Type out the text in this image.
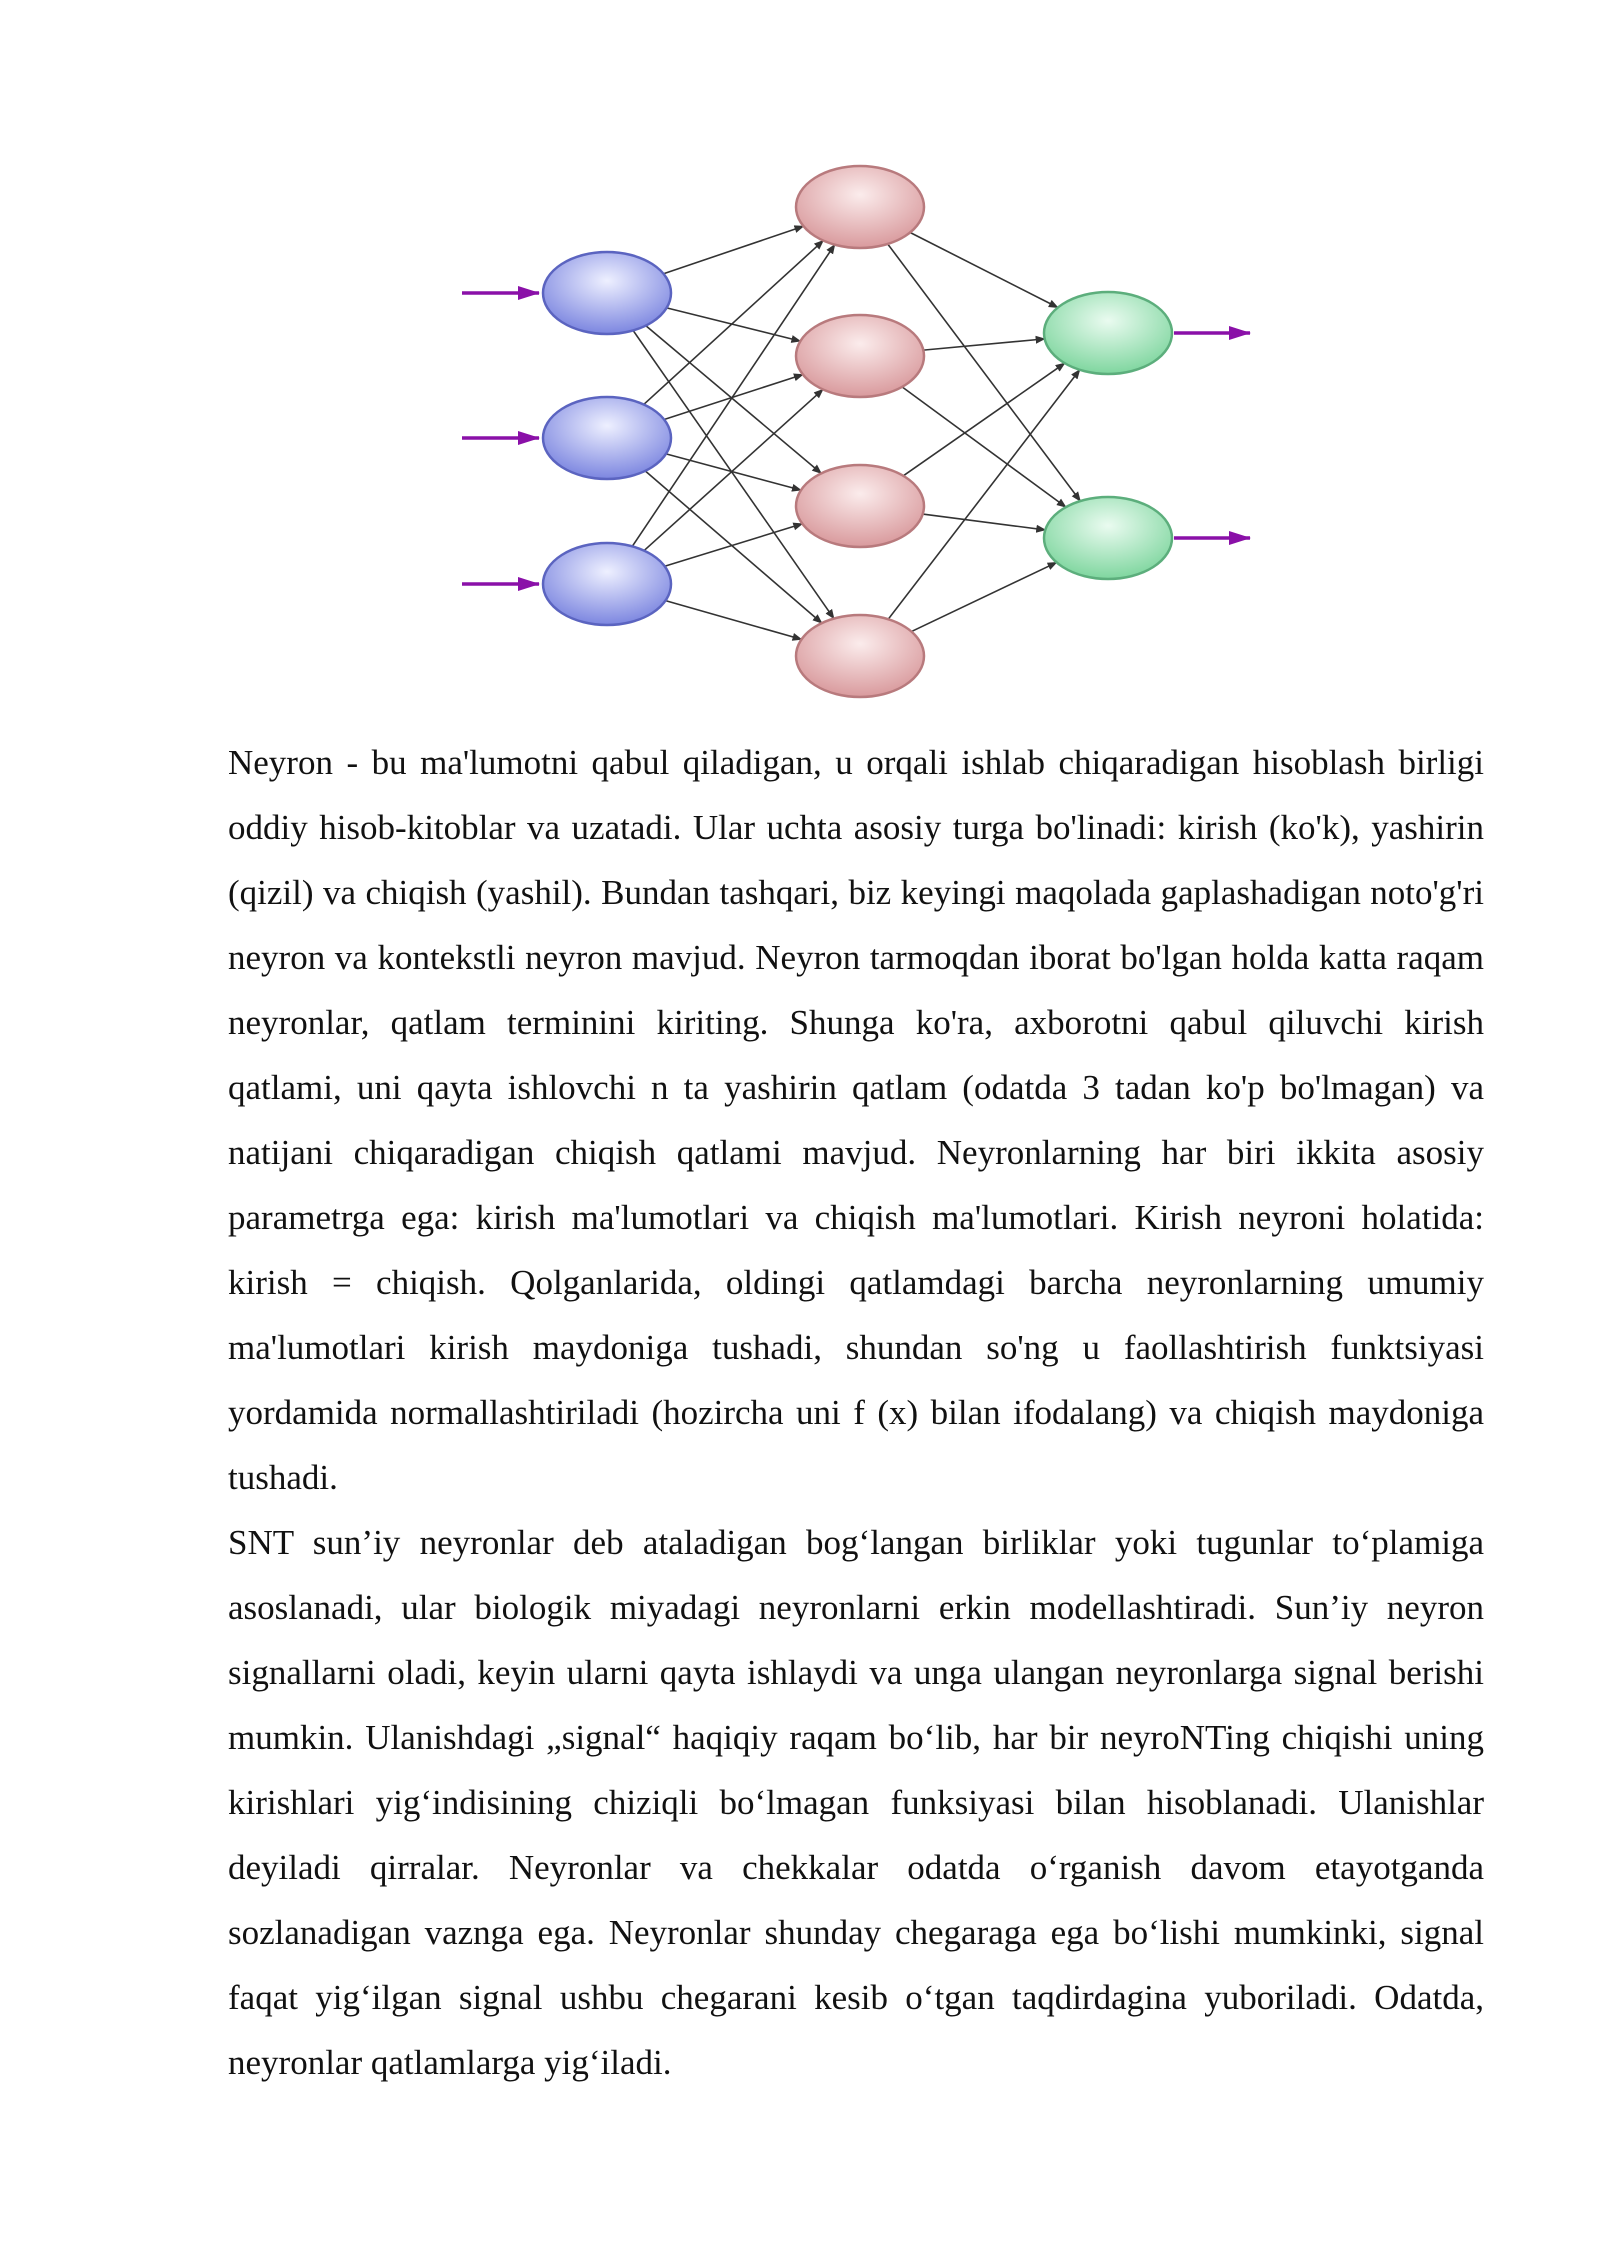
Neyron - bu ma'lumotni qabul qiladigan, u orqali ishlab chiqaradigan hisoblash birligi oddiy hisob-kitoblar va uzatadi. Ular uchta asosiy turga bo'linadi: kirish (ko'k), yashirin (qizil) va chiqish (yashil). Bundan tashqari, biz keyingi maqolada gaplashadigan noto'g'ri neyron va kontekstli neyron mavjud. Neyron tarmoqdan iborat bo'lgan holda katta raqam neyronlar, qatlam terminini kiriting. Shunga ko'ra, axborotni qabul qiluvchi kirish qatlami, uni qayta ishlovchi n ta yashirin qatlam (odatda 3 tadan ko'p bo'lmagan) va natijani chiqaradigan chiqish qatlami mavjud. Neyronlarning har biri ikkita asosiy parametrga ega: kirish ma'lumotlari va chiqish ma'lumotlari. Kirish neyroni holatida: kirish = chiqish. Qolganlarida, oldingi qatlamdagi barcha neyronlarning umumiy ma'lumotlari kirish maydoniga tushadi, shundan so'ng u faollashtirish funktsiyasi yordamida normallashtiriladi (hozircha uni f (x) bilan ifodalang) va chiqish maydoniga tushadi.

SNT sun’iy neyronlar deb ataladigan bog‘langan birliklar yoki tugunlar to‘plamiga asoslanadi, ular biologik miyadagi neyronlarni erkin modellashtiradi. Sun’iy neyron signallarni oladi, keyin ularni qayta ishlaydi va unga ulangan neyronlarga signal berishi mumkin. Ulanishdagi „signal“ haqiqiy raqam bo‘lib, har bir neyroNTing chiqishi uning kirishlari yig‘indisining chiziqli bo‘lmagan funksiyasi bilan hisoblanadi. Ulanishlar deyiladi qirralar. Neyronlar va chekkalar odatda o‘rganish davom etayotganda sozlanadigan vaznga ega. Neyronlar shunday chegaraga ega bo‘lishi mumkinki, signal faqat yig‘ilgan signal ushbu chegarani kesib o‘tgan taqdirdagina yuboriladi. Odatda, neyronlar qatlamlarga yig‘iladi.
